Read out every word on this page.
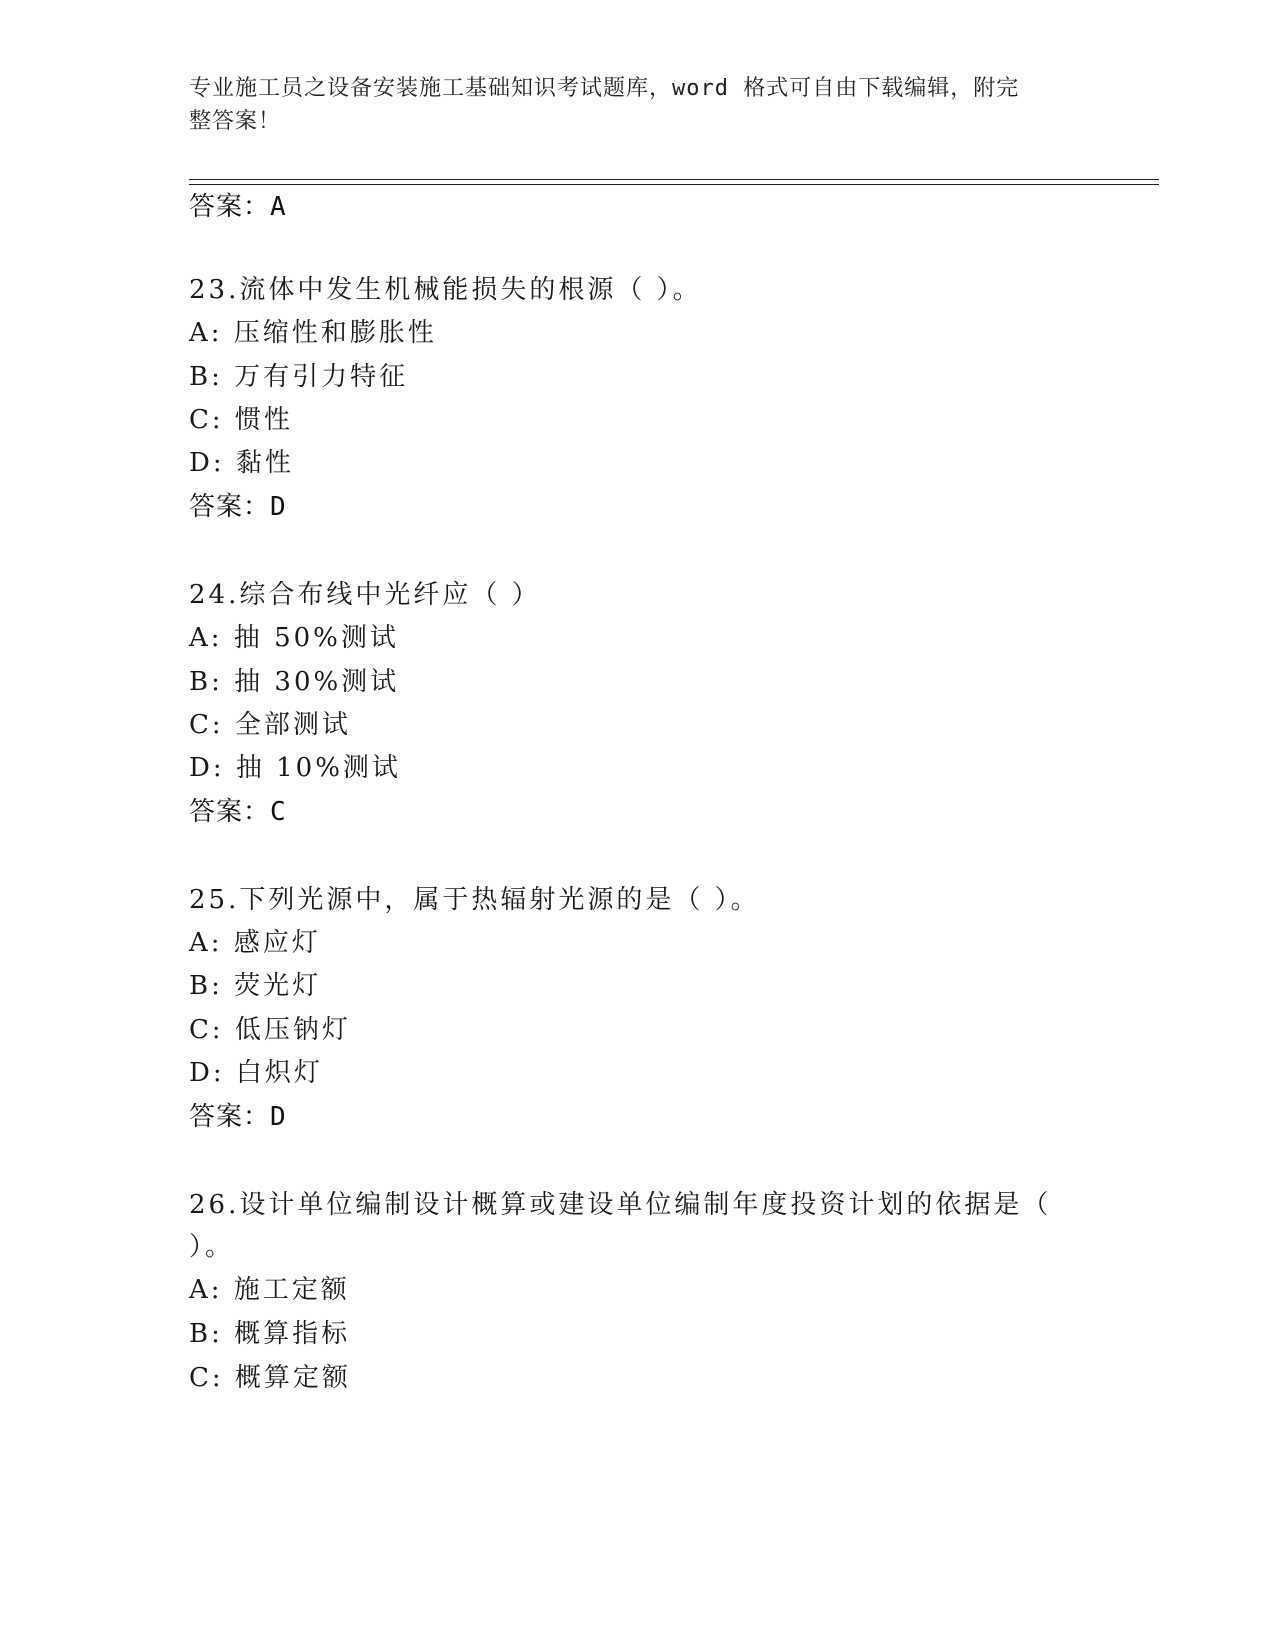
专业施工员之设备安装施工基础知识考试题库，word 格式可自由下载编辑，附完
整答案！
答案：A
23.流体中发生机械能损失的根源（ ）。
A: 压缩性和膨胀性
B: 万有引力特征
C: 惯性
D: 黏性
答案：D
24.综合布线中光纤应（ ）
A: 抽 50%测试
B: 抽 30%测试
C: 全部测试
D: 抽 10%测试
答案：C
25.下列光源中，属于热辐射光源的是（ ）。
A: 感应灯
B: 荧光灯
C: 低压钠灯
D: 白炽灯
答案：D
26.设计单位编制设计概算或建设单位编制年度投资计划的依据是（
）。
A: 施工定额
B: 概算指标
C: 概算定额
